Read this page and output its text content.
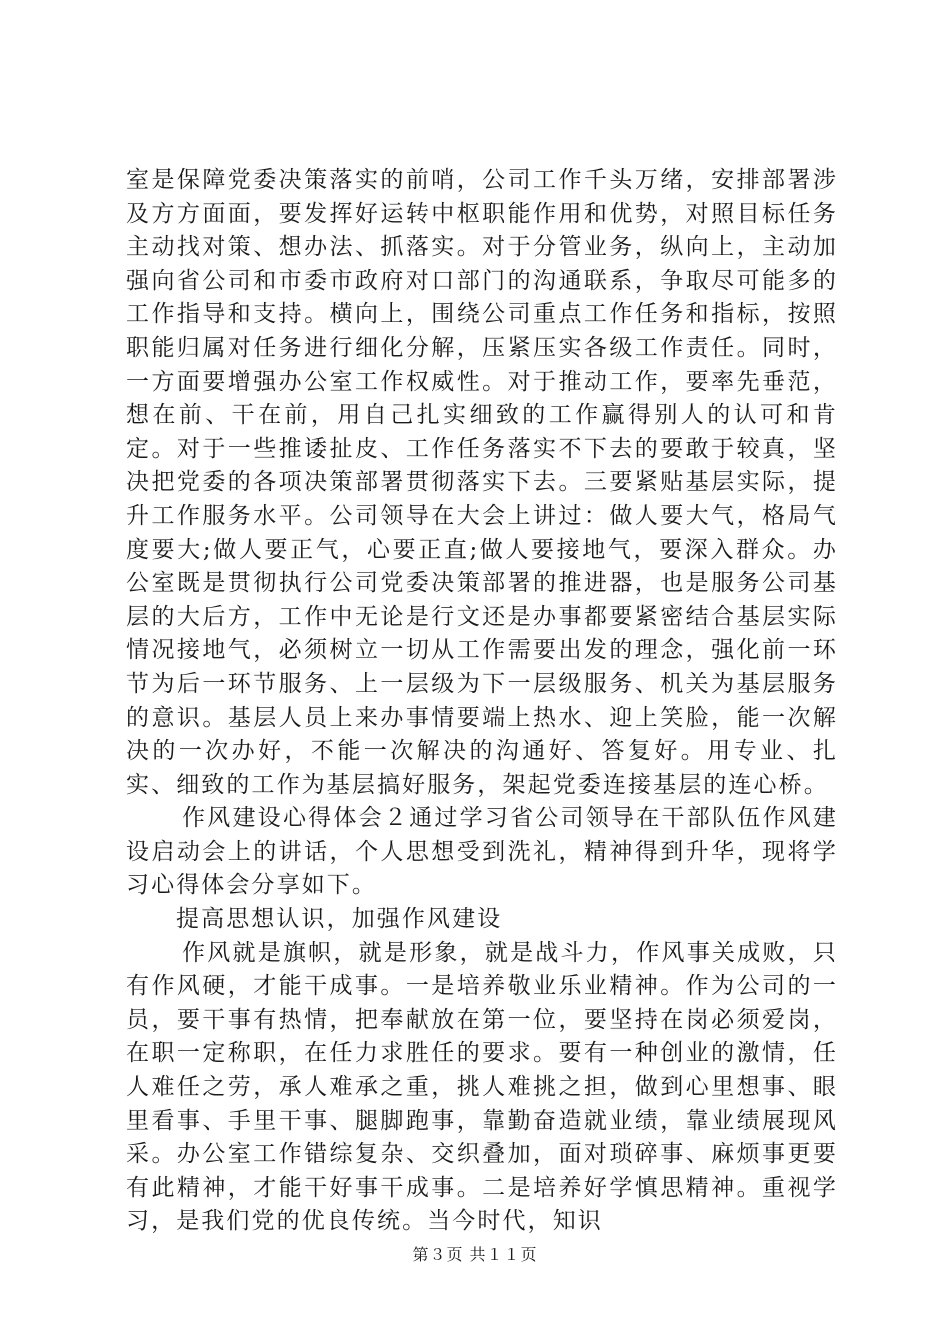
室是保障党委决策落实的前哨，公司工作千头万绪，安排部署涉及方方面面，要发挥好运转中枢职能作用和优势，对照目标任务主动找对策、想办法、抓落实。对于分管业务，纵向上，主动加强向省公司和市委市政府对口部门的沟通联系，争取尽可能多的工作指导和支持。横向上，围绕公司重点工作任务和指标，按照职能归属对任务进行细化分解，压紧压实各级工作责任。同时，一方面要增强办公室工作权威性。对于推动工作，要率先垂范，想在前、干在前，用自己扎实细致的工作赢得别人的认可和肯定。对于一些推诿扯皮、工作任务落实不下去的要敢于较真，坚决把党委的各项决策部署贯彻落实下去。三要紧贴基层实际，提升工作服务水平。公司领导在大会上讲过：做人要大气，格局气度要大;做人要正气，心要正直;做人要接地气，要深入群众。办公室既是贯彻执行公司党委决策部署的推进器，也是服务公司基层的大后方，工作中无论是行文还是办事都要紧密结合基层实际情况接地气，必须树立一切从工作需要出发的理念，强化前一环节为后一环节服务、上一层级为下一层级服务、机关为基层服务的意识。基层人员上来办事情要端上热水、迎上笑脸，能一次解决的一次办好，不能一次解决的沟通好、答复好。用专业、扎实、细致的工作为基层搞好服务，架起党委连接基层的连心桥。

作风建设心得体会２通过学习省公司领导在干部队伍作风建设启动会上的讲话，个人思想受到洗礼，精神得到升华，现将学习心得体会分享如下。

提高思想认识，加强作风建设

作风就是旗帜，就是形象，就是战斗力，作风事关成败，只有作风硬，才能干成事。一是培养敬业乐业精神。作为公司的一员，要干事有热情，把奉献放在第一位，要坚持在岗必须爱岗，在职一定称职，在任力求胜任的要求。要有一种创业的激情，任人难任之劳，承人难承之重，挑人难挑之担，做到心里想事、眼里看事、手里干事、腿脚跑事，靠勤奋造就业绩，靠业绩展现风采。办公室工作错综复杂、交织叠加，面对琐碎事、麻烦事更要有此精神，才能干好事干成事。二是培养好学慎思精神。重视学习，是我们党的优良传统。当今时代，知识

第３页 共１１页
